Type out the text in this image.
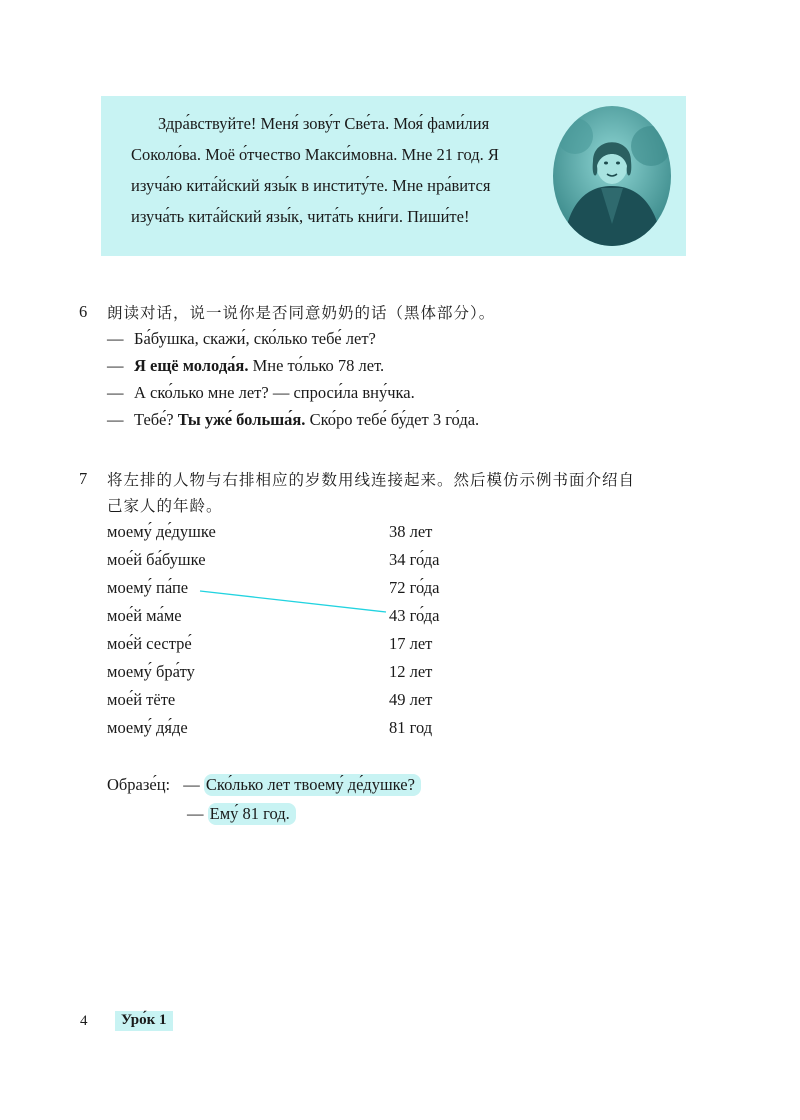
Здра́вствуйте! Меня́ зову́т Све́та. Моя́ фами́лия Соколо́ва. Моё о́тчество Макси́мовна. Мне 21 год. Я изуча́ю кита́йский язы́к в институ́те. Мне нра́вится изуча́ть кита́йский язы́к, чита́ть кни́ги. Пиши́те!

6 朗读对话，说一说你是否同意奶奶的话（黑体部分）。
— Ба́бушка, скажи́, ско́лько тебе́ лет?
— Я ещё молода́я. Мне то́лько 78 лет.
— А ско́лько мне лет? — спроси́ла вну́чка.
— Тебе́? Ты уже́ больша́я. Ско́ро тебе́ бу́дет 3 го́да.
7 将左排的人物与右排相应的岁数用线连接起来。然后模仿示例书面介绍自
己家人的年龄。
моему́ де́душке
мое́й ба́бушке
моему́ па́пе
мое́й ма́ме
мое́й сестре́
моему́ бра́ту
мое́й тёте
моему́ дя́де
38 лет
34 го́да
72 го́да
43 го́да
17 лет
12 лет
49 лет
81 год
Образе́ц: — Ско́лько лет твоему́ де́душке?
— Ему́ 81 год.
4	Уро́к 1
